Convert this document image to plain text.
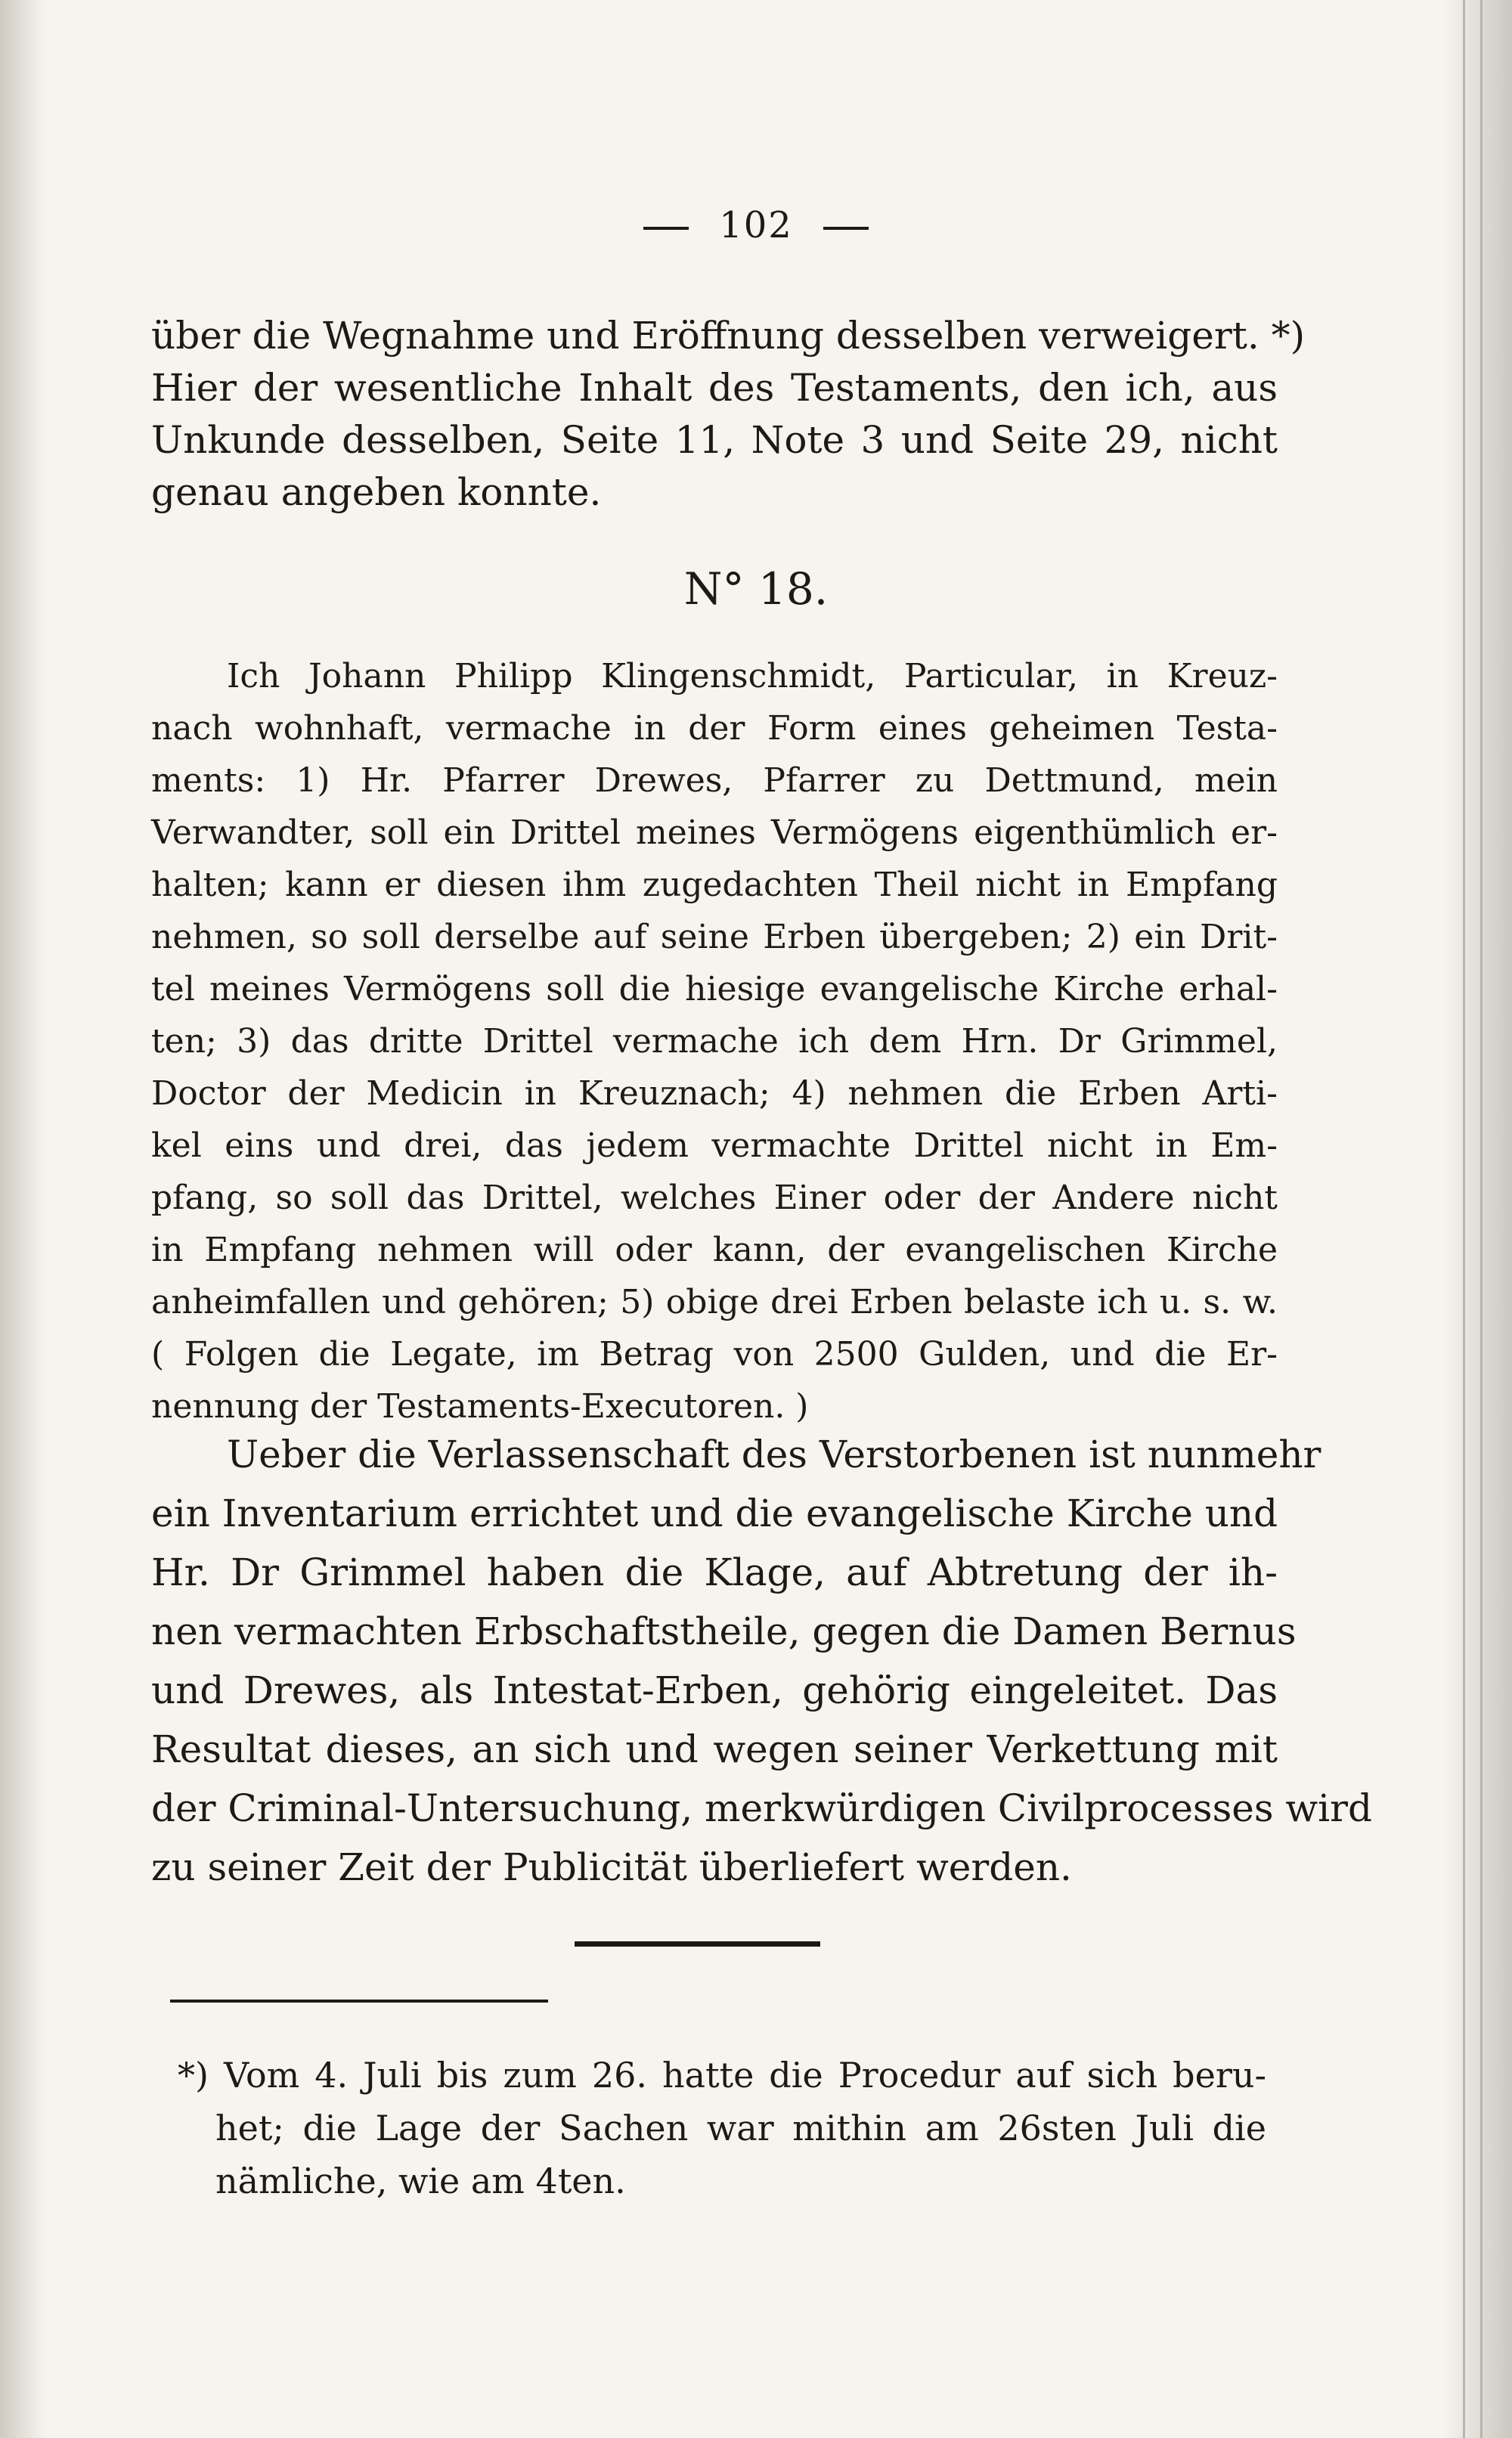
102
über die Wegnahme und Eröffnung desselben verweigert. *)
Hier der wesentliche Inhalt des Testaments, den ich, aus
Unkunde desselben, Seite 11, Note 3 und Seite 29, nicht
genau angeben konnte.
N° 18.
Ich Johann Philipp Klingenschmidt, Particular, in Kreuz-
nach wohnhaft, vermache in der Form eines geheimen Testa-
ments: 1) Hr. Pfarrer Drewes, Pfarrer zu Dettmund, mein
Verwandter, soll ein Drittel meines Vermögens eigenthümlich er-
halten; kann er diesen ihm zugedachten Theil nicht in Empfang
nehmen, so soll derselbe auf seine Erben übergeben; 2) ein Drit-
tel meines Vermögens soll die hiesige evangelische Kirche erhal-
ten; 3) das dritte Drittel vermache ich dem Hrn. Dr Grimmel,
Doctor der Medicin in Kreuznach; 4) nehmen die Erben Arti-
kel eins und drei, das jedem vermachte Drittel nicht in Em-
pfang, so soll das Drittel, welches Einer oder der Andere nicht
in Empfang nehmen will oder kann, der evangelischen Kirche
anheimfallen und gehören; 5) obige drei Erben belaste ich u. s. w.
( Folgen die Legate, im Betrag von 2500 Gulden, und die Er-
nennung der Testaments-Executoren. )
Ueber die Verlassenschaft des Verstorbenen ist nunmehr
ein Inventarium errichtet und die evangelische Kirche und
Hr. Dr Grimmel haben die Klage, auf Abtretung der ih-
nen vermachten Erbschaftstheile, gegen die Damen Bernus
und Drewes, als Intestat-Erben, gehörig eingeleitet. Das
Resultat dieses, an sich und wegen seiner Verkettung mit
der Criminal-Untersuchung, merkwürdigen Civilprocesses wird
zu seiner Zeit der Publicität überliefert werden.
*) Vom 4. Juli bis zum 26. hatte die Procedur auf sich beru-
het; die Lage der Sachen war mithin am 26sten Juli die
nämliche, wie am 4ten.
